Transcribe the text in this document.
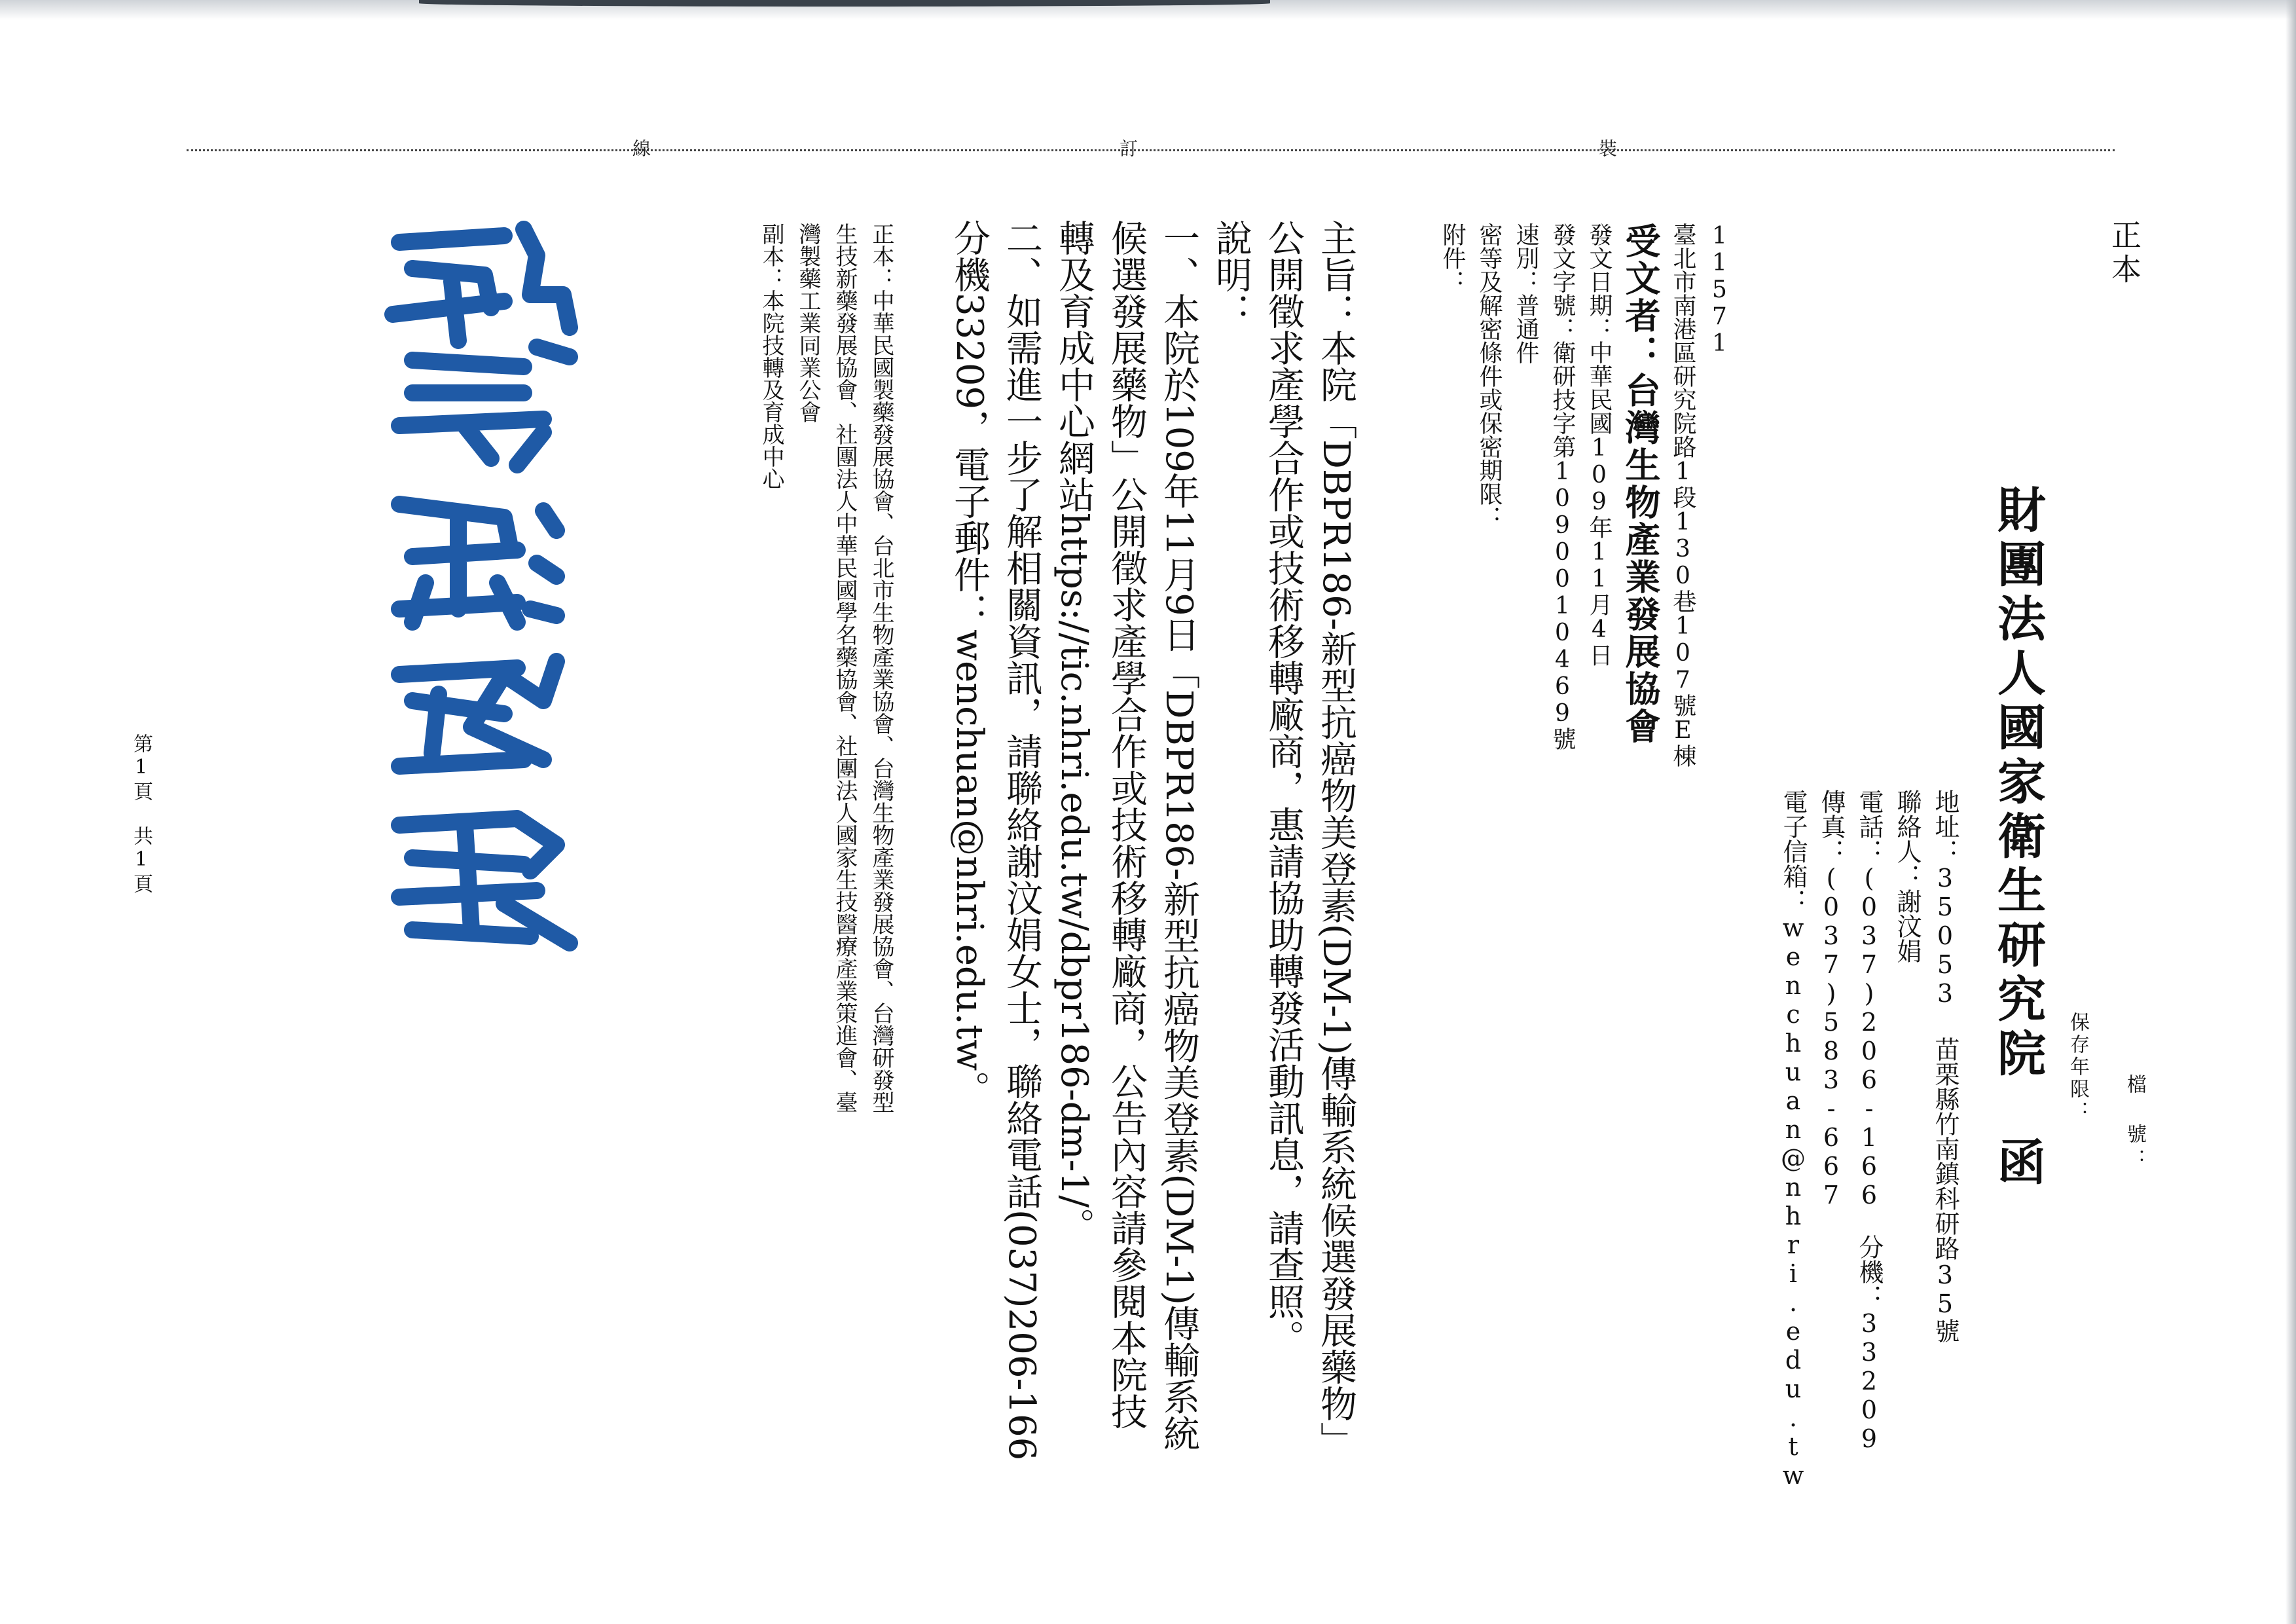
裝
訂
線
正本
檔　號：
保存年限：
財團法人國家衛生研究院　函
地址：35053 苗栗縣竹南鎮科研路35號
聯絡人：謝汶娟
電話：(037)206-166　分機：33209
傳真：(037)583-667
電子信箱：wenchuan@nhri.edu.tw
11571
臺北市南港區研究院路1段130巷107號E棟
受文者：台灣生物產業發展協會
發文日期：中華民國109年11月4日
發文字號：衛研技字第1090010469號
速別：普通件
密等及解密條件或保密期限：
附件：

主旨：本院「DBPR186-新型抗癌物美登素(DM-1)傳輸系統候選發展藥物」公開徵求產學合作或技術移轉廠商，惠請協助轉發活動訊息，請查照。

說明：

一、本院於109年11月9日「DBPR186-新型抗癌物美登素(DM-1)傳輸系統候選發展藥物」公開徵求產學合作或技術移轉廠商，公告內容請參閱本院技轉及育成中心網站https://tic.nhri.edu.tw/dbpr186-dm-1/。

二、如需進一步了解相關資訊，請聯絡謝汶娟女士，聯絡電話(037)206-166分機33209，電子郵件：wenchuan@nhri.edu.tw。

正本：中華民國製藥發展協會、台北市生物產業協會、台灣生物產業發展協會、台灣研發型生技新藥發展協會、社團法人中華民國學名藥協會、社團法人國家生技醫療產業策進會、臺灣製藥工業同業公會

副本：本院技轉及育成中心

第1頁　共1頁
